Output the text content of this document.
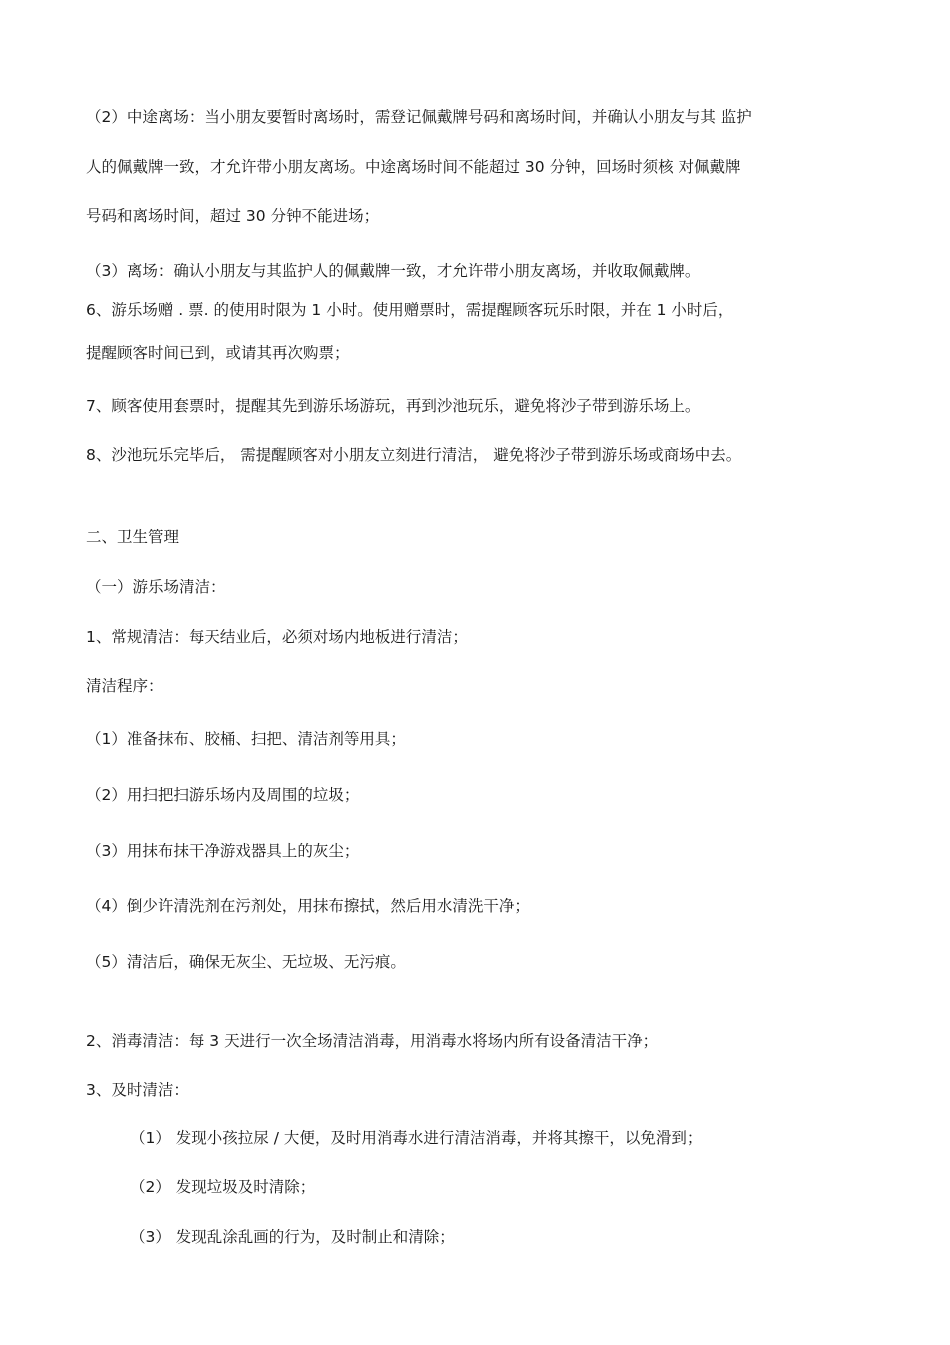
（2）中途离场：当小朋友要暂时离场时，需登记佩戴牌号码和离场时间，并确认小朋友与其 监护
人的佩戴牌一致，才允许带小朋友离场。中途离场时间不能超过 30 分钟，回场时须核 对佩戴牌
号码和离场时间，超过 30 分钟不能进场；
（3）离场：确认小朋友与其监护人的佩戴牌一致，才允许带小朋友离场，并收取佩戴牌。
6、游乐场赠 . 票. 的使用时限为 1 小时。使用赠票时，需提醒顾客玩乐时限，并在 1 小时后，
提醒顾客时间已到，或请其再次购票；
7、顾客使用套票时，提醒其先到游乐场游玩，再到沙池玩乐，避免将沙子带到游乐场上。
8、沙池玩乐完毕后， 需提醒顾客对小朋友立刻进行清洁， 避免将沙子带到游乐场或商场中去。
二、卫生管理
（一）游乐场清洁：
1、常规清洁：每天结业后，必须对场内地板进行清洁；
清洁程序：
（1）准备抹布、胶桶、扫把、清洁剂等用具；
（2）用扫把扫游乐场内及周围的垃圾；
（3）用抹布抹干净游戏器具上的灰尘；
（4）倒少许清洗剂在污剂处，用抹布擦拭，然后用水清洗干净；
（5）清洁后，确保无灰尘、无垃圾、无污痕。
2、消毒清洁：每 3 天进行一次全场清洁消毒，用消毒水将场内所有设备清洁干净；
3、及时清洁：
（1） 发现小孩拉尿 / 大便，及时用消毒水进行清洁消毒，并将其擦干，以免滑到；
（2） 发现垃圾及时清除；
（3） 发现乱涂乱画的行为，及时制止和清除；
